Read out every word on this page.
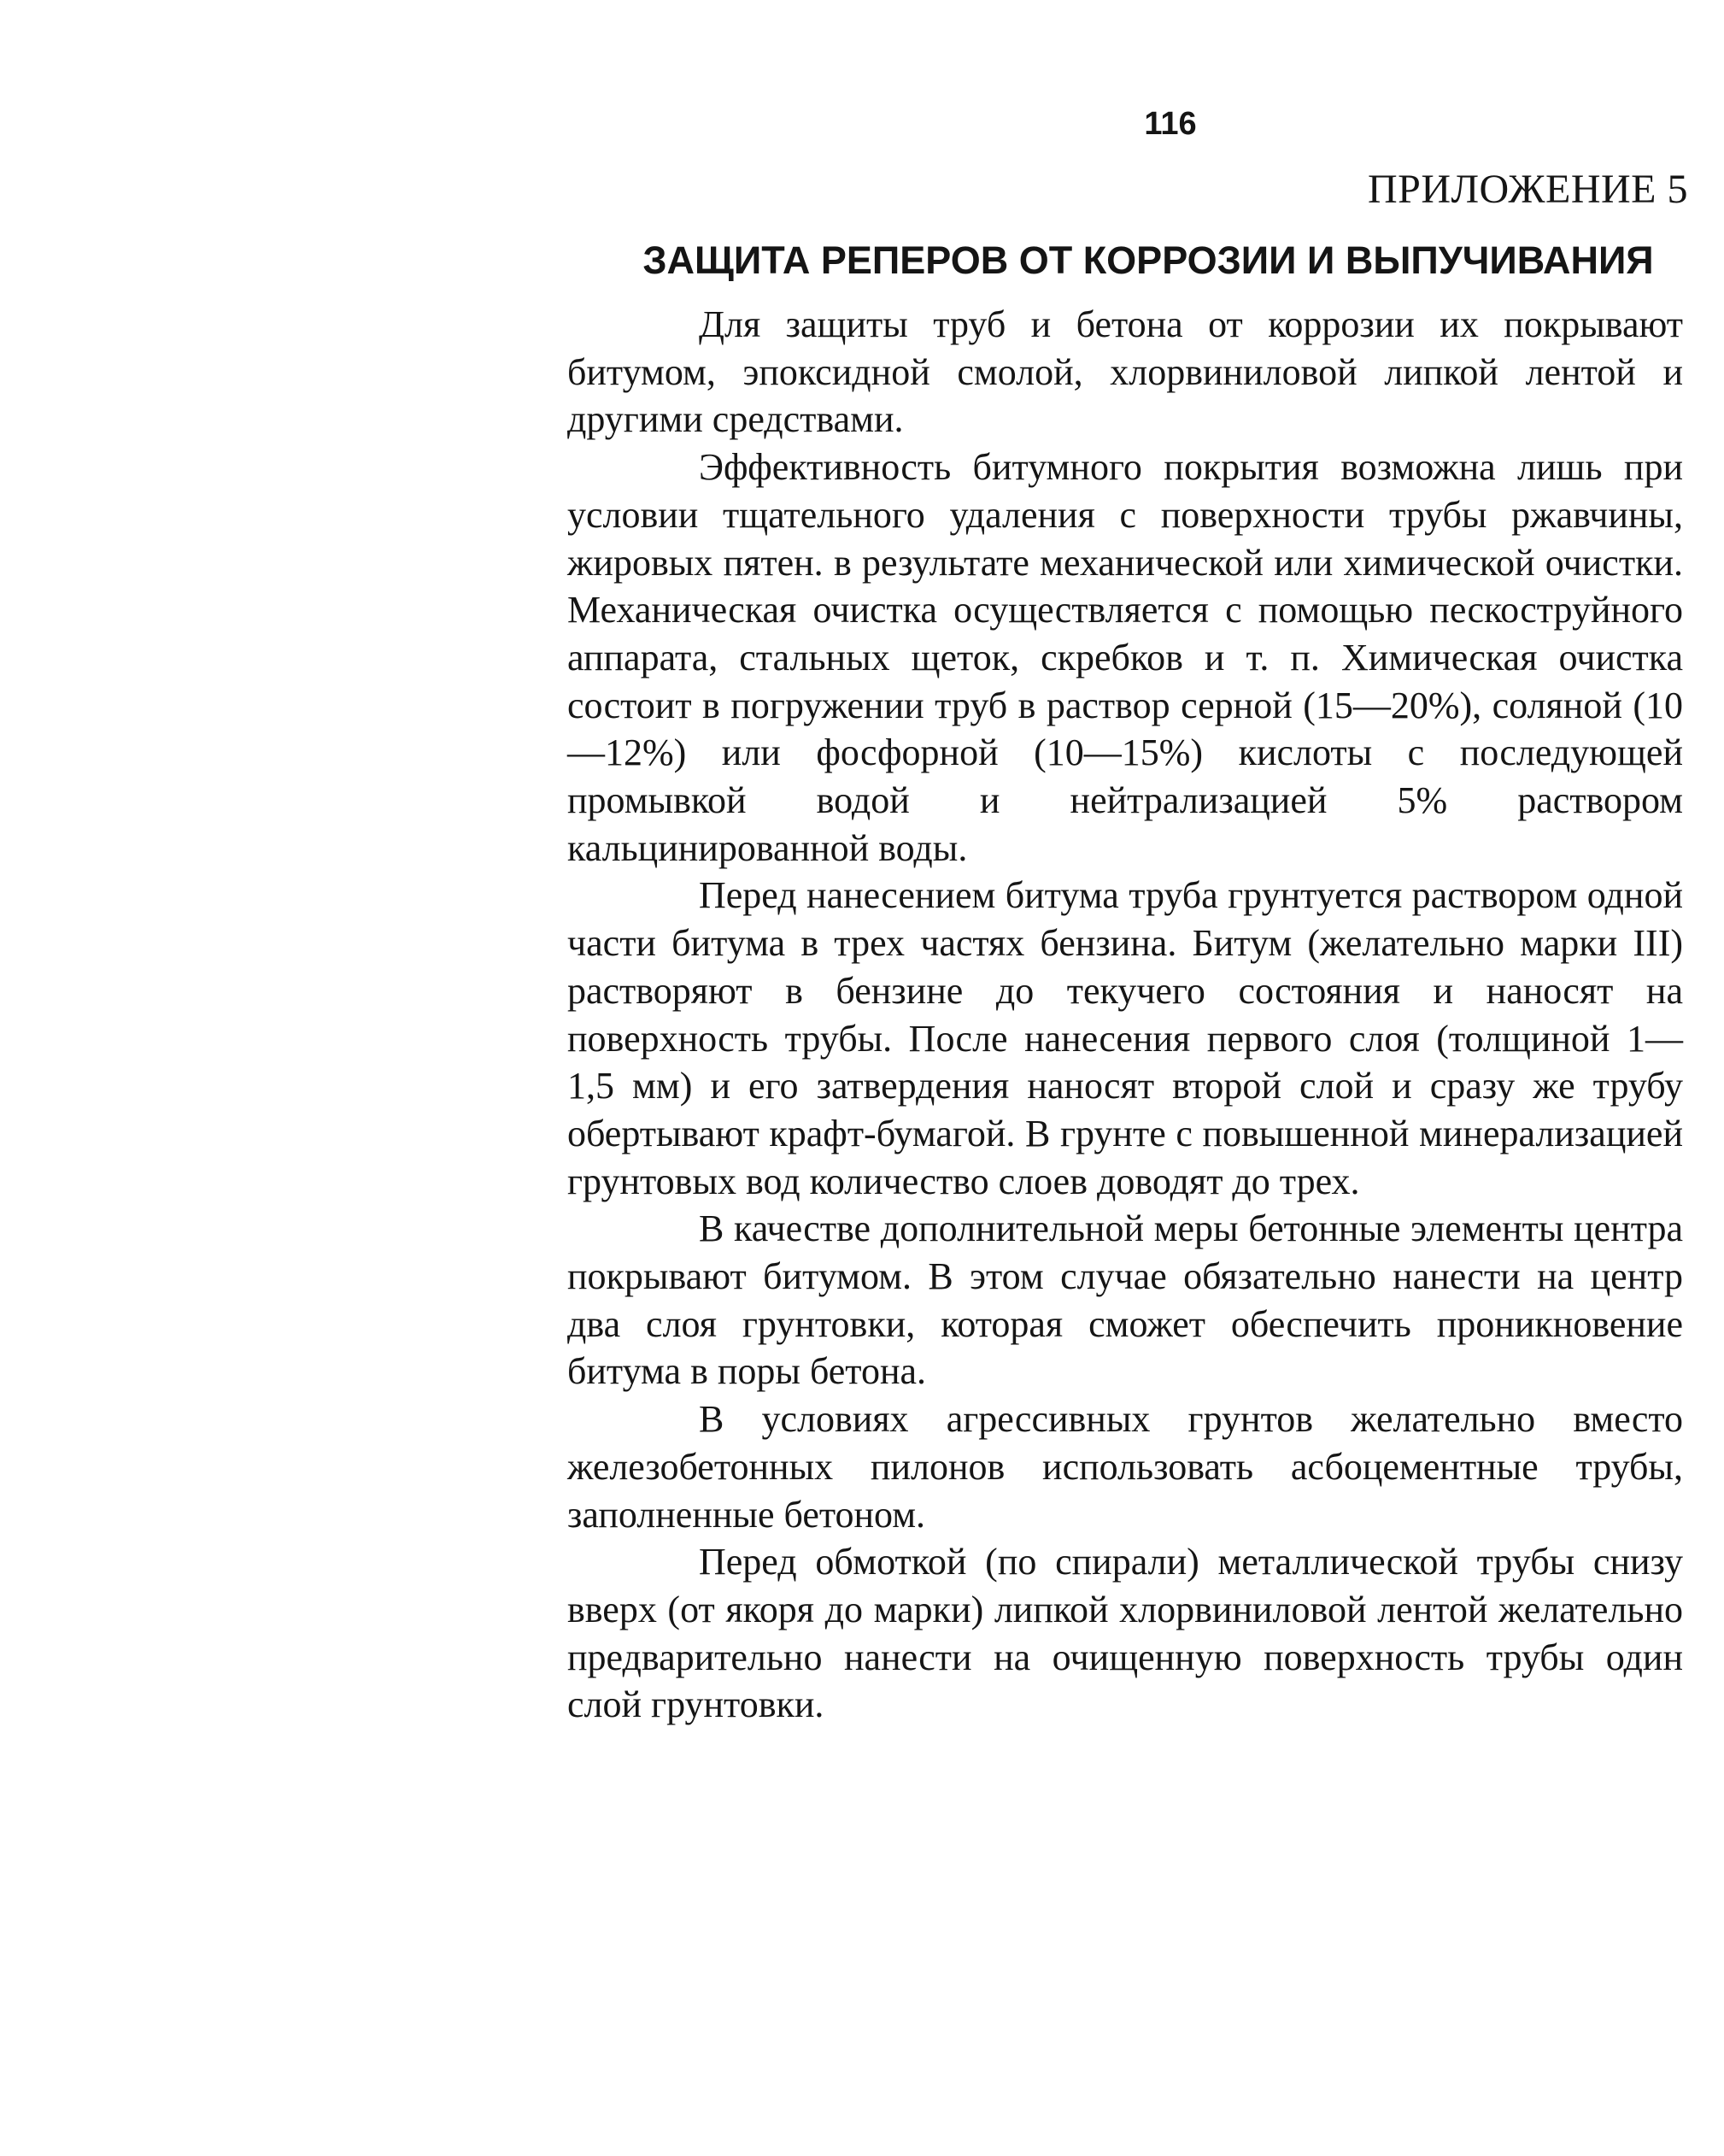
116
ПРИЛОЖЕНИЕ 5
ЗАЩИТА РЕПЕРОВ ОТ КОРРОЗИИ И ВЫПУЧИВАНИЯ

Для защиты труб и бетона от коррозии их покрывают битумом, эпоксидной смолой, хлорвиниловой липкой лентой и другими средствами.

Эффективность битумного покрытия возможна лишь при условии тщательного удаления с поверхности трубы ржавчины, жировых пятен. в результате механической или химической очистки. Механическая очистка осуществляется с помощью пескоструйного аппарата, стальных щеток, скребков и т. п. Химическая очистка состоит в погружении труб в раствор серной (15—20%), соляной (10—12%) или фосфорной (10—15%) кислоты с последующей промывкой водой и нейтрализацией 5% раствором кальцинированной воды.

Перед нанесением битума труба грунтуется раствором одной части битума в трех частях бензина. Битум (желательно марки III) растворяют в бензине до текучего состояния и наносят на поверхность трубы. После нанесения первого слоя (толщиной 1— 1,5 мм) и его затвердения наносят второй слой и сразу же трубу обертывают крафт-бумагой. В грунте с повышенной минерализацией грунтовых вод количество слоев доводят до трех.

В качестве дополнительной меры бетонные элементы центра покрывают битумом. В этом случае обязательно нанести на центр два слоя грунтовки, которая сможет обеспечить проникновение битума в поры бетона.

В условиях агрессивных грунтов желательно вместо железобетонных пилонов использовать асбоцементные трубы, заполненные бетоном.

Перед обмоткой (по спирали) металлической трубы снизу вверх (от якоря до марки) липкой хлорвиниловой лентой желательно предварительно нанести на очищенную поверхность трубы один слой грунтовки.
